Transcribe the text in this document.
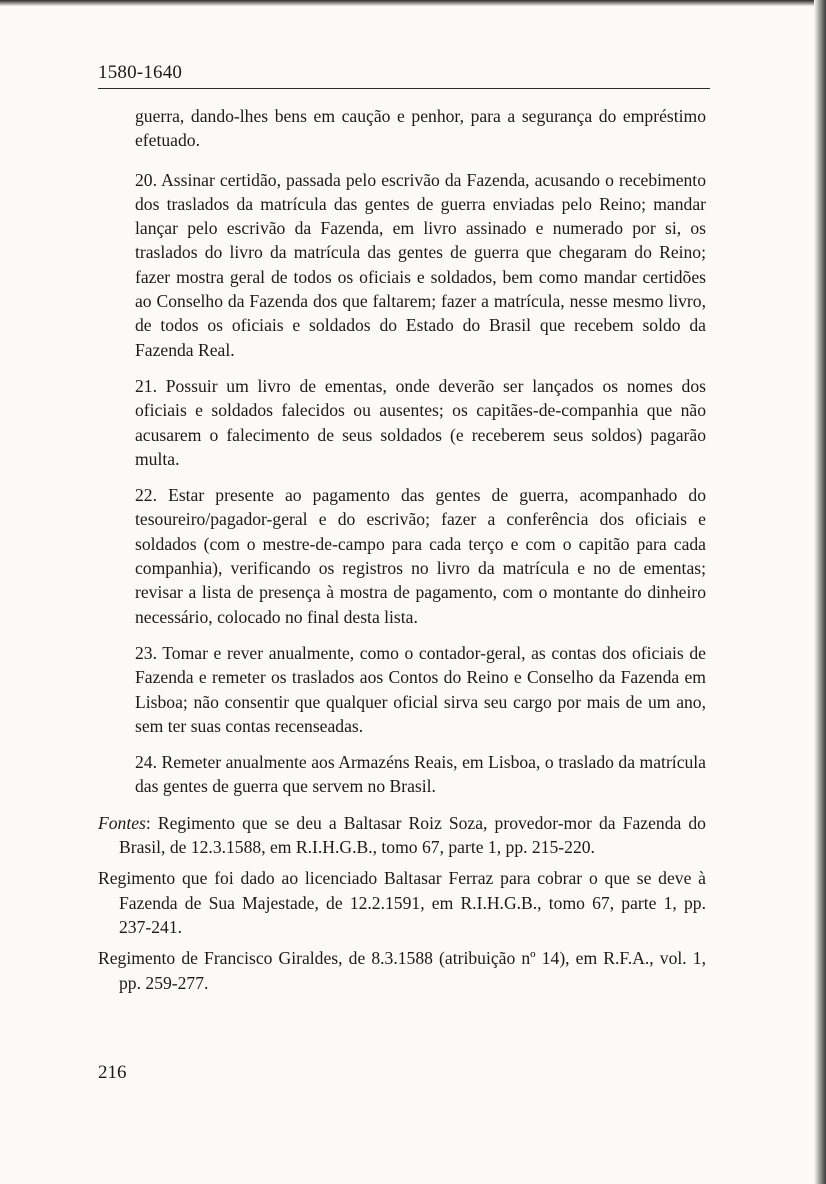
1580-1640

guerra, dando-lhes bens em caução e penhor, para a segurança do empréstimo efetuado.

20. Assinar certidão, passada pelo escrivão da Fazenda, acusando o recebimento dos traslados da matrícula das gentes de guerra enviadas pelo Reino; mandar lançar pelo escrivão da Fazenda, em livro assinado e numerado por si, os traslados do livro da matrícula das gentes de guerra que chegaram do Reino; fazer mostra geral de todos os oficiais e soldados, bem como mandar certidões ao Conselho da Fazenda dos que faltarem; fazer a matrícula, nesse mesmo livro, de todos os oficiais e soldados do Estado do Brasil que recebem soldo da Fazenda Real.

21. Possuir um livro de ementas, onde deverão ser lançados os nomes dos oficiais e soldados falecidos ou ausentes; os capitães-de-companhia que não acusarem o falecimento de seus soldados (e receberem seus soldos) pagarão multa.

22. Estar presente ao pagamento das gentes de guerra, acompanhado do tesoureiro/pagador-geral e do escrivão; fazer a conferência dos oficiais e soldados (com o mestre-de-campo para cada terço e com o capitão para cada companhia), verificando os registros no livro da matrícula e no de ementas; revisar a lista de presença à mostra de pagamento, com o montante do dinheiro necessário, colocado no final desta lista.

23. Tomar e rever anualmente, como o contador-geral, as contas dos oficiais de Fazenda e remeter os traslados aos Contos do Reino e Conselho da Fazenda em Lisboa; não consentir que qualquer oficial sirva seu cargo por mais de um ano, sem ter suas contas recenseadas.

24. Remeter anualmente aos Armazéns Reais, em Lisboa, o traslado da matrícula das gentes de guerra que servem no Brasil.

Fontes: Regimento que se deu a Baltasar Roiz Soza, provedor-mor da Fazenda do Brasil, de 12.3.1588, em R.I.H.G.B., tomo 67, parte 1, pp. 215-220.

Regimento que foi dado ao licenciado Baltasar Ferraz para cobrar o que se deve à Fazenda de Sua Majestade, de 12.2.1591, em R.I.H.G.B., tomo 67, parte 1, pp. 237-241.

Regimento de Francisco Giraldes, de 8.3.1588 (atribuição nº 14), em R.F.A., vol. 1, pp. 259-277.

216
